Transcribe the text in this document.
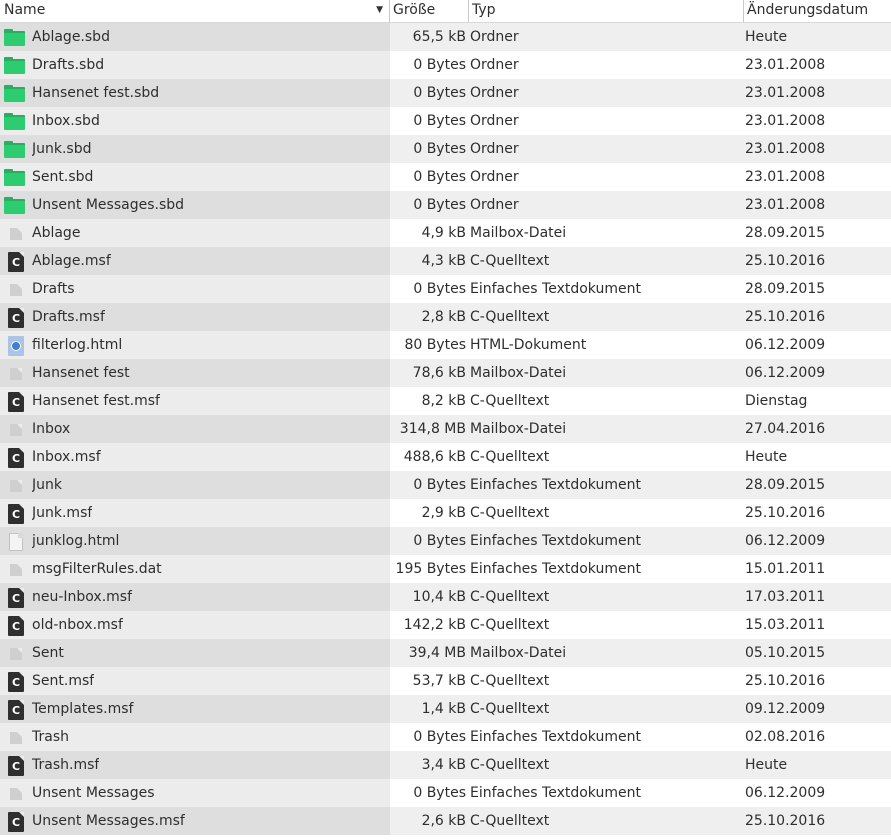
Name	▼ Größe	Typ	Änderungsdatum
Ablage.sbd	65,5 kB Ordner	Heute
Drafts.sbd	0 Bytes Ordner	23.01.2008
Hansenet fest.sbd	0 Bytes Ordner	23.01.2008
Inbox.sbd	0 Bytes Ordner	23.01.2008
Junk.sbd	0 Bytes Ordner	23.01.2008
Sent.sbd	0 Bytes Ordner	23.01.2008
Unsent Messages.sbd	0 Bytes Ordner	23.01.2008
Ablage	4,9 kB Mailbox-Datei	28.09.2015
C Ablage.msf	4,3 kB C-Quelltext	25.10.2016
Drafts	0 Bytes Einfaches Textdokument	28.09.2015
C Drafts.msf	2,8 kB C-Quelltext	25.10.2016
filterlog.html	80 Bytes HTML-Dokument	06.12.2009
Hansenet fest	78,6 kB Mailbox-Datei	06.12.2009
C Hansenet fest.msf	8,2 kB C-Quelltext	Dienstag
Inbox	314,8 MB Mailbox-Datei	27.04.2016
C Inbox.msf	488,6 kB C-Quelltext	Heute
Junk	0 Bytes Einfaches Textdokument	28.09.2015
C Junk.msf	2,9 kB C-Quelltext	25.10.2016
junklog.html	0 Bytes Einfaches Textdokument	06.12.2009
msgFilterRules.dat	195 Bytes Einfaches Textdokument	15.01.2011
C neu-Inbox.msf	10,4 kB C-Quelltext	17.03.2011
C old-nbox.msf	142,2 kB C-Quelltext	15.03.2011
Sent	39,4 MB Mailbox-Datei	05.10.2015
C Sent.msf	53,7 kB C-Quelltext	25.10.2016
C Templates.msf	1,4 kB C-Quelltext	09.12.2009
Trash	0 Bytes Einfaches Textdokument	02.08.2016
C Trash.msf	3,4 kB C-Quelltext	Heute
Unsent Messages	0 Bytes Einfaches Textdokument	06.12.2009
C Unsent Messages.msf	2,6 kB C-Quelltext	25.10.2016
